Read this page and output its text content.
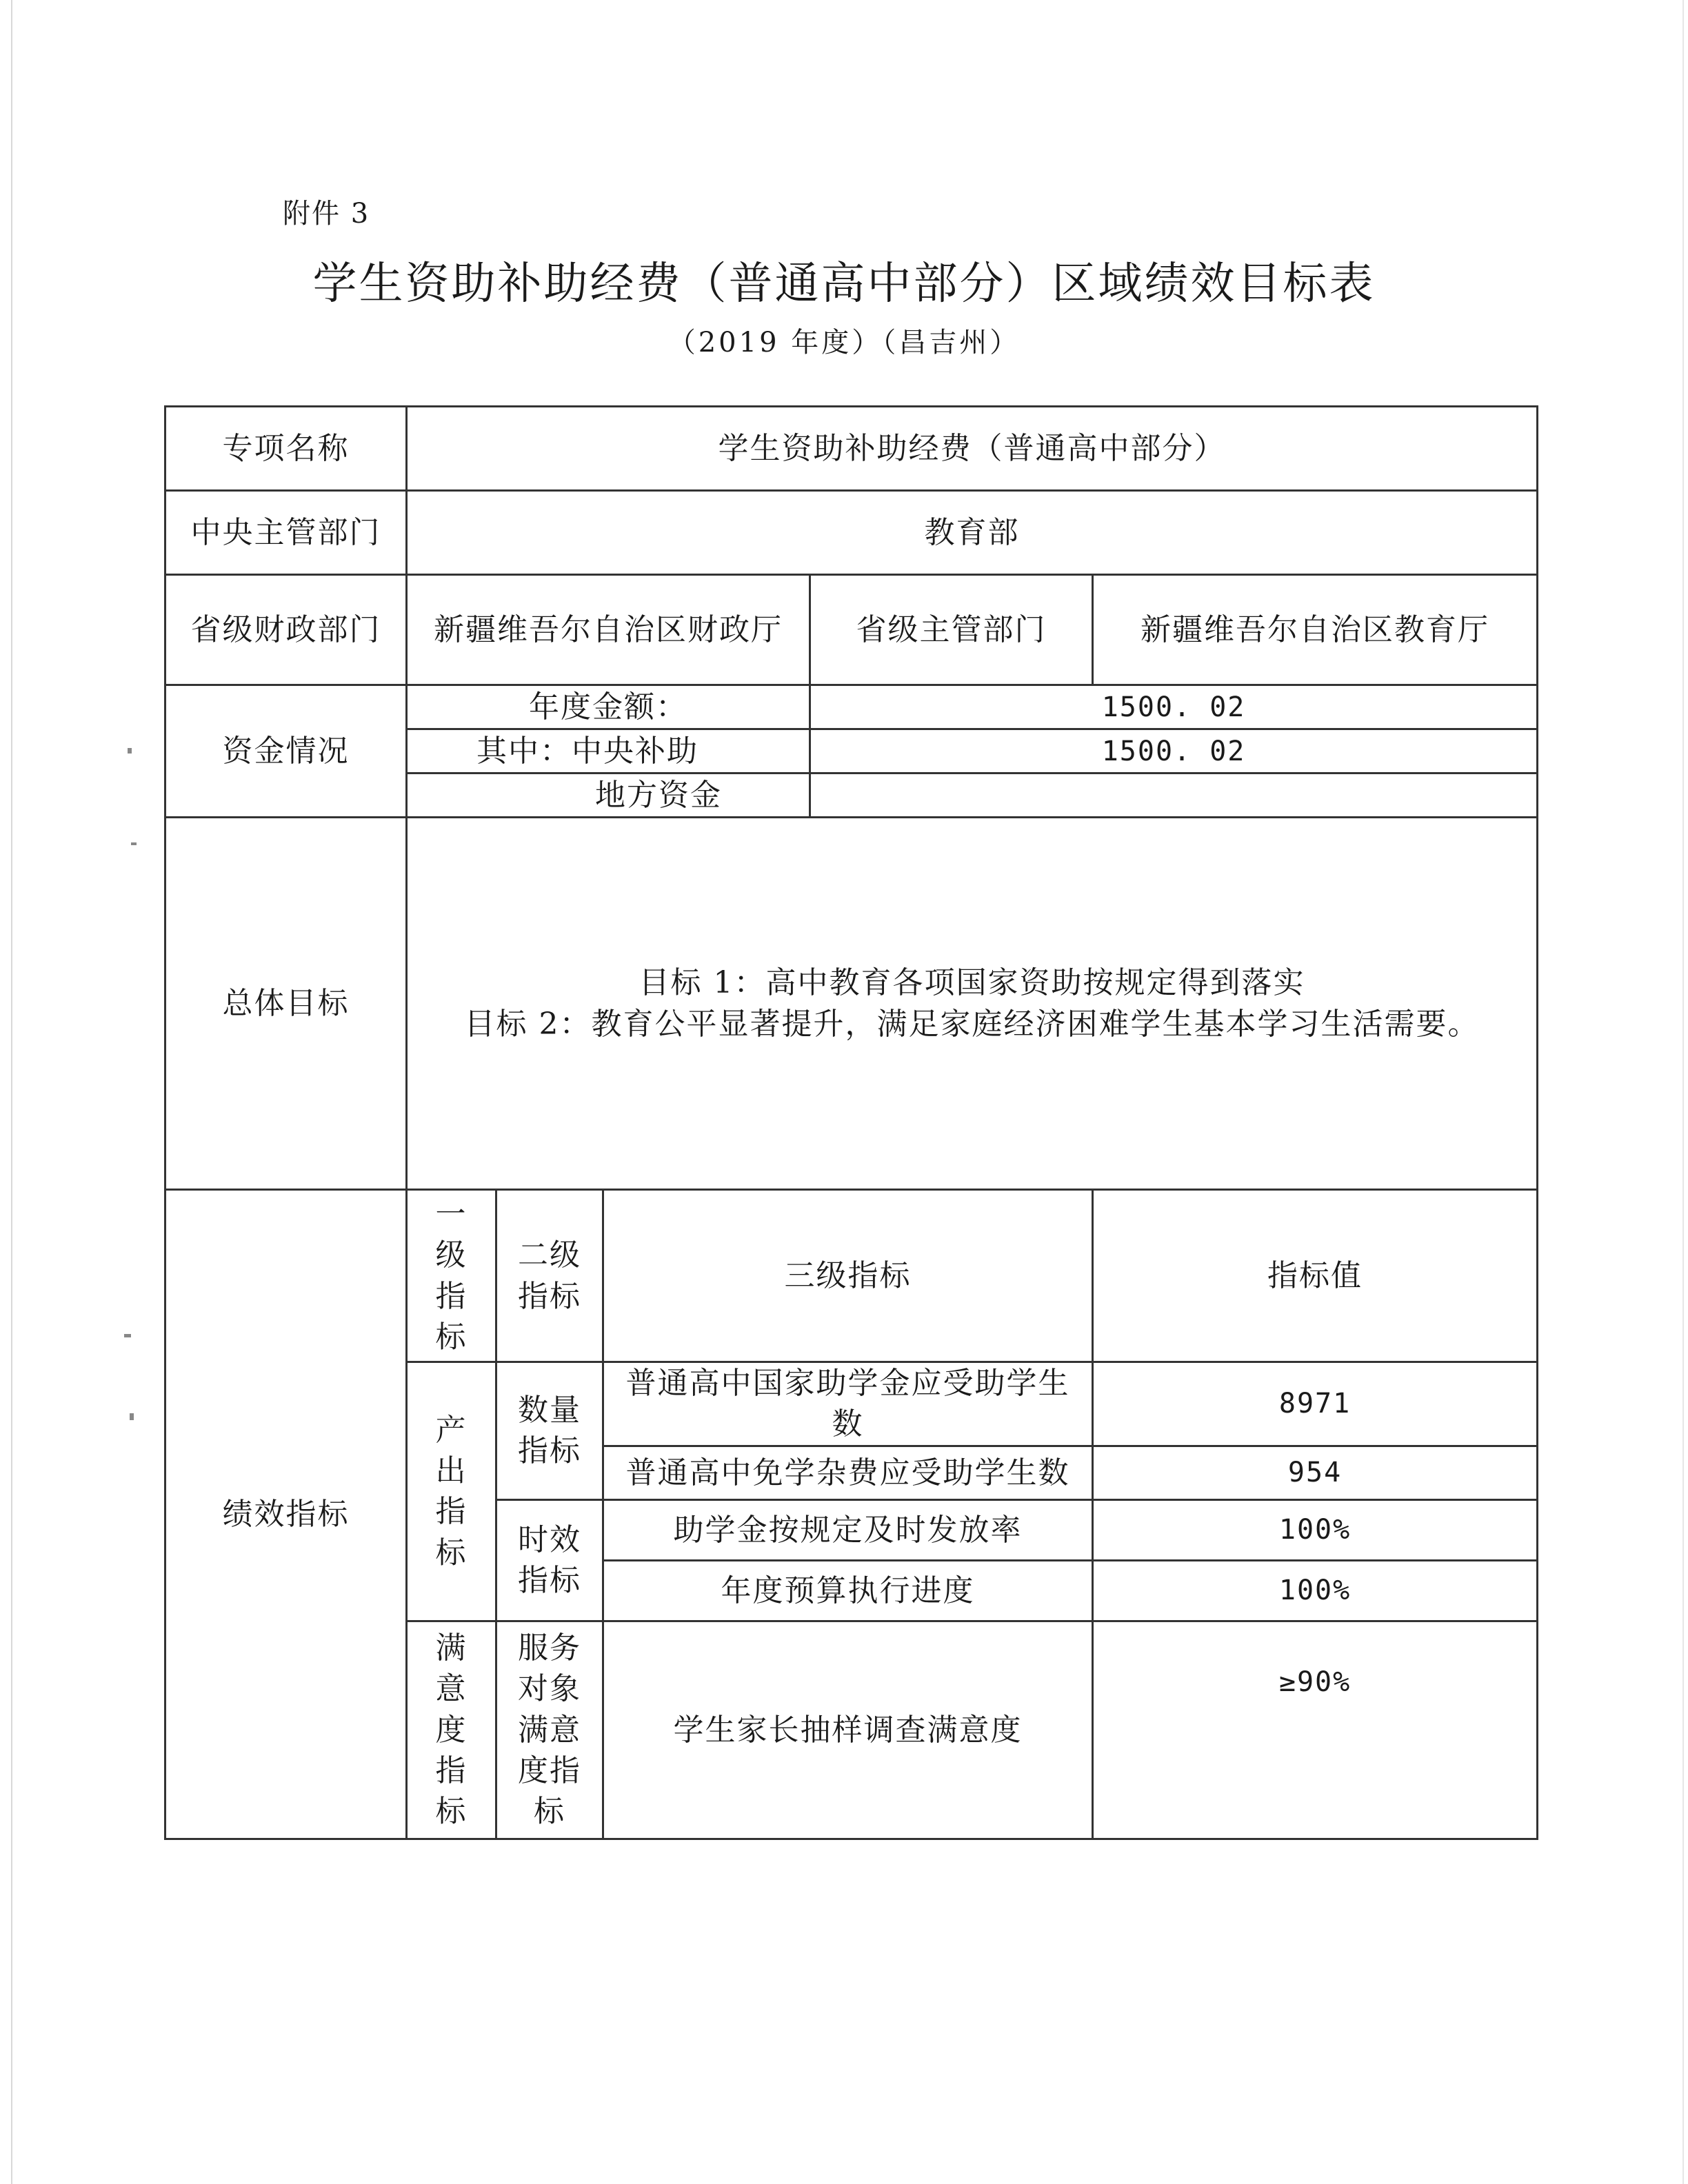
附件 3
学生资助补助经费（普通高中部分）区域绩效目标表
（2019 年度）（昌吉州）
专项名称	学生资助补助经费（普通高中部分）				
中央主管部门	教育部				
省级财政部门	新疆维吾尔自治区财政厅			省级主管部门	新疆维吾尔自治区教育厅
资金情况	年度金额：			1500. 02	

	其中：中央补助			1500. 02	

	地方资金				

总体目标	目标 1：高中教育各项国家资助按规定得到落实
目标 2：教育公平显著提升，满足家庭经济困难学生基本学习生活需要。				

绩效指标	一级指标	二级指标	三级指标		指标值

	产出指标	数量指标	普通高中国家助学金应受助学生数		8971
			普通高中免学杂费应受助学生数		954

		时效指标	助学金按规定及时发放率		100%
			年度预算执行进度		100%

	满意度指标	服务对象满意度指标	学生家长抽样调查满意度		≥90%
